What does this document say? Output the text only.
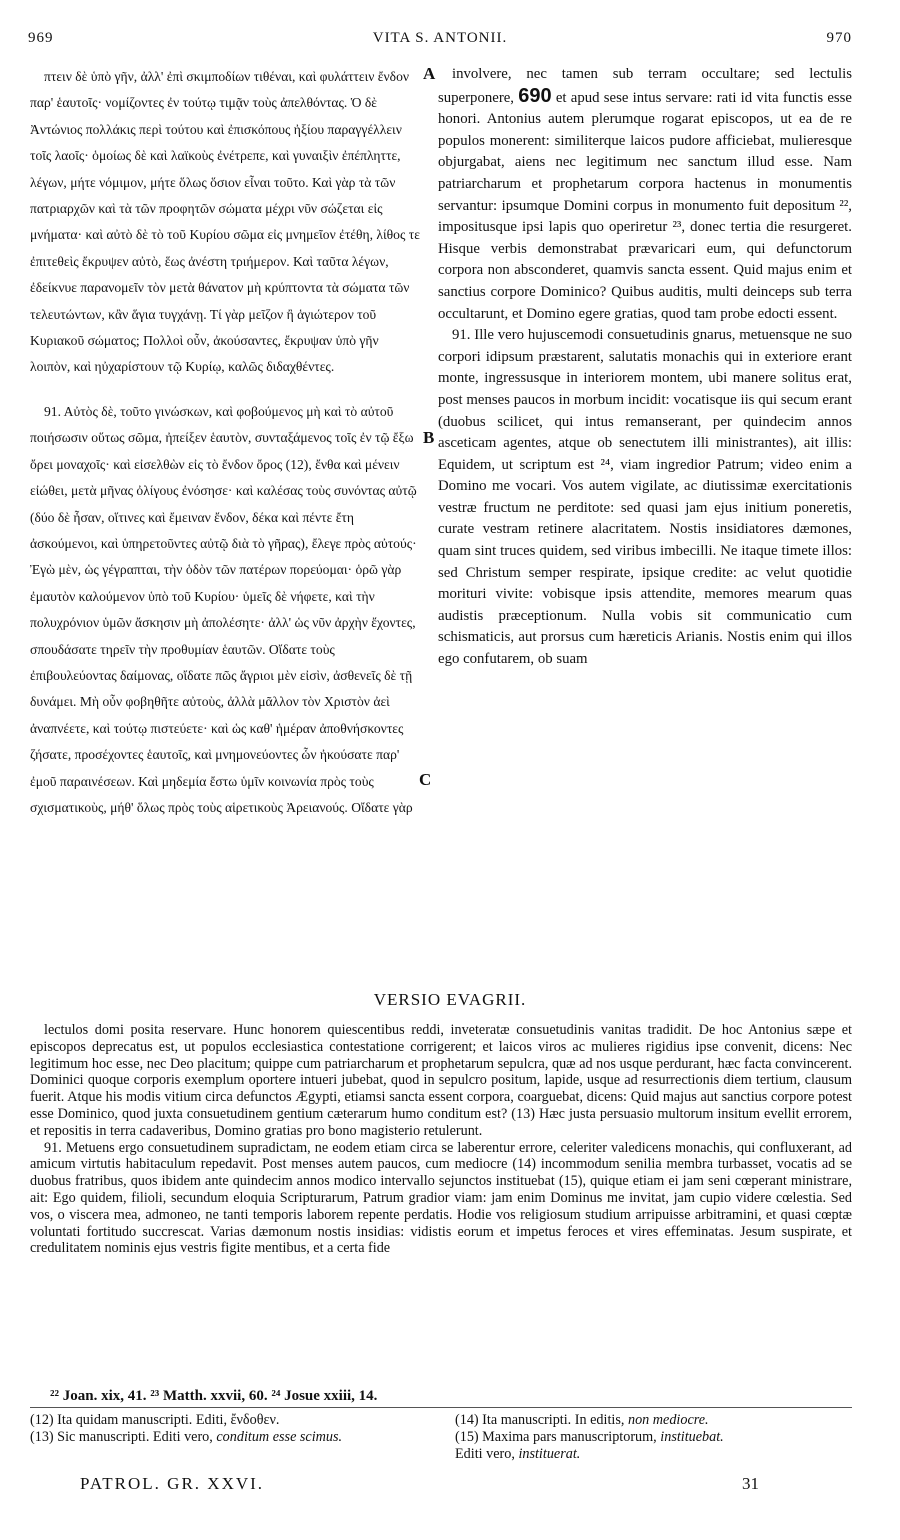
969	VITA S. ANTONII.	970

πτειν δὲ ὑπὸ γῆν, ἀλλ' ἐπὶ σκιμποδίων τιθέναι, καὶ φυλάττειν ἔνδον παρ' ἑαυτοῖς· νομίζοντες ἐν τούτῳ τιμᾷν τοὺς ἀπελθόντας. Ὁ δὲ Ἀντώνιος πολλάκις περὶ τούτου καὶ ἐπισκόπους ἠξίου παραγγέλλειν τοῖς λαοῖς· ὁμοίως δὲ καὶ λαϊκοὺς ἐνέτρεπε, καὶ γυναιξὶν ἐπέπληττε, λέγων, μήτε νόμιμον, μήτε ὅλως ὅσιον εἶναι τοῦτο. Καὶ γὰρ τὰ τῶν πατριαρχῶν καὶ τὰ τῶν προφητῶν σώματα μέχρι νῦν σώζεται εἰς μνήματα· καὶ αὐτὸ δὲ τὸ τοῦ Κυρίου σῶμα εἰς μνημεῖον ἐτέθη, λίθος τε ἐπιτεθεὶς ἔκρυψεν αὐτὸ, ἕως ἀνέστη τριήμερον. Καὶ ταῦτα λέγων, ἐδείκνυε παρανομεῖν τὸν μετὰ θάνατον μὴ κρύπτοντα τὰ σώματα τῶν τελευτώντων, κἂν ἅγια τυγχάνῃ. Τί γὰρ μεῖζον ἢ ἁγιώτερον τοῦ Κυριακοῦ σώματος; Πολλοὶ οὖν, ἀκούσαντες, ἔκρυψαν ὑπὸ γῆν λοιπὸν, καὶ ηὐχαρίστουν τῷ Κυρίῳ, καλῶς διδαχθέντες.

91. Αὐτὸς δὲ, τοῦτο γινώσκων, καὶ φοβούμενος μὴ καὶ τὸ αὐτοῦ ποιήσωσιν οὕτως σῶμα, ἠπείξεν ἑαυτὸν, συνταξάμενος τοῖς ἐν τῷ ἔξω ὄρει μοναχοῖς· καὶ εἰσελθὼν εἰς τὸ ἔνδον ὄρος (12), ἔνθα καὶ μένειν εἰώθει, μετὰ μῆνας ὀλίγους ἐνόσησε· καὶ καλέσας τοὺς συνόντας αὐτῷ (δύο δὲ ἦσαν, οἵτινες καὶ ἔμειναν ἔνδον, δέκα καὶ πέντε ἔτη ἀσκούμενοι, καὶ ὑπηρετοῦντες αὐτῷ διὰ τὸ γῆρας), ἔλεγε πρὸς αὐτούς· Ἐγὼ μὲν, ὡς γέγραπται, τὴν ὁδὸν τῶν πατέρων πορεύομαι· ὁρῶ γὰρ ἐμαυτὸν καλούμενον ὑπὸ τοῦ Κυρίου· ὑμεῖς δὲ νήφετε, καὶ τὴν πολυχρόνιον ὑμῶν ἄσκησιν μὴ ἀπολέσητε· ἀλλ' ὡς νῦν ἀρχὴν ἔχοντες, σπουδάσατε τηρεῖν τὴν προθυμίαν ἑαυτῶν. Οἴδατε τοὺς ἐπιβουλεύοντας δαίμονας, οἴδατε πῶς ἄγριοι μὲν εἰσὶν, ἀσθενεῖς δὲ τῇ δυνάμει. Μὴ οὖν φοβηθῆτε αὐτοὺς, ἀλλὰ μᾶλλον τὸν Χριστὸν ἀεὶ ἀναπνέετε, καὶ τούτῳ πιστεύετε· καὶ ὡς καθ' ἡμέραν ἀποθνήσκοντες ζήσατε, προσέχοντες ἑαυτοῖς, καὶ μνημονεύοντες ὧν ἠκούσατε παρ' ἐμοῦ παραινέσεων. Καὶ μηδεμία ἔστω ὑμῖν κοινωνία πρὸς τοὺς σχισματικοὺς, μήθ' ὅλως πρὸς τοὺς αἱρετικοὺς Ἀρειανούς. Οἴδατε γὰρ

A
B
C

involvere, nec tamen sub terram occultare; sed lectulis superponere, 690 et apud sese intus servare: rati id vita functis esse honori. Antonius autem plerumque rogarat episcopos, ut ea de re populos monerent: similiterque laicos pudore afficiebat, mulieresque objurgabat, aiens nec legitimum nec sanctum illud esse. Nam patriarcharum et prophetarum corpora hactenus in monumentis servantur: ipsumque Domini corpus in monumento fuit depositum ²², impositusque ipsi lapis quo operiretur ²³, donec tertia die resurgeret. Hisque verbis demonstrabat prævaricari eum, qui defunctorum corpora non absconderet, quamvis sancta essent. Quid majus enim et sanctius corpore Dominico? Quibus auditis, multi deinceps sub terra occultarunt, et Domino egere gratias, quod tam probe edocti essent.

91. Ille vero hujuscemodi consuetudinis gnarus, metuensque ne suo corpori idipsum præstarent, salutatis monachis qui in exteriore erant monte, ingressusque in interiorem montem, ubi manere solitus erat, post menses paucos in morbum incidit: vocatisque iis qui secum erant (duobus scilicet, qui intus remanserant, per quindecim annos asceticam agentes, atque ob senectutem illi ministrantes), ait illis: Equidem, ut scriptum est ²⁴, viam ingredior Patrum; video enim a Domino me vocari. Vos autem vigilate, ac diutissimæ exercitationis vestræ fructum ne perditote: sed quasi jam ejus initium poneretis, curate vestram retinere alacritatem. Nostis insidiatores dæmones, quam sint truces quidem, sed viribus imbecilli. Ne itaque timete illos: sed Christum semper respirate, ipsique credite: ac velut quotidie morituri vivite: vobisque ipsis attendite, memores mearum quas audistis præceptionum. Nulla vobis sit communicatio cum schismaticis, aut prorsus cum hæreticis Arianis. Nostis enim qui illos ego confutarem, ob suam

VERSIO EVAGRII.

lectulos domi posita reservare. Hunc honorem quiescentibus reddi, inveteratæ consuetudinis vanitas tradidit. De hoc Antonius sæpe et episcopos deprecatus est, ut populos ecclesiastica contestatione corrigerent; et laicos viros ac mulieres rigidius ipse convenit, dicens: Nec legitimum hoc esse, nec Deo placitum; quippe cum patriarcharum et prophetarum sepulcra, quæ ad nos usque perdurant, hæc facta convincerent. Dominici quoque corporis exemplum oportere intueri jubebat, quod in sepulcro positum, lapide, usque ad resurrectionis diem tertium, clausum fuerit. Atque his modis vitium circa defunctos Ægypti, etiamsi sancta essent corpora, coarguebat, dicens: Quid majus aut sanctius corpore potest esse Dominico, quod juxta consuetudinem gentium cæterarum humo conditum est? (13) Hæc justa persuasio multorum insitum evellit errorem, et repositis in terra cadaveribus, Domino gratias pro bono magisterio retulerunt.

91. Metuens ergo consuetudinem supradictam, ne eodem etiam circa se laberentur errore, celeriter valedicens monachis, qui confluxerant, ad amicum virtutis habitaculum repedavit. Post menses autem paucos, cum mediocre (14) incommodum senilia membra turbasset, vocatis ad se duobus fratribus, quos ibidem ante quindecim annos modico intervallo sejunctos instituebat (15), quique etiam ei jam seni cœperant ministrare, ait: Ego quidem, filioli, secundum eloquia Scripturarum, Patrum gradior viam: jam enim Dominus me invitat, jam cupio videre cœlestia. Sed vos, o viscera mea, admoneo, ne tanti temporis laborem repente perdatis. Hodie vos religiosum studium arripuisse arbitramini, et quasi cœptæ voluntati fortitudo succrescat. Varias dæmonum nostis insidias: vidistis eorum et impetus feroces et vires effeminatas. Jesum suspirate, et credulitatem nominis ejus vestris figite mentibus, et a certa fide

²² Joan. xix, 41. ²³ Matth. xxvii, 60. ²⁴ Josue xxiii, 14.

(12) Ita quidam manuscripti. Editi, ἔνδοθεν.

(13) Sic manuscripti. Editi vero, conditum esse scimus.

(14) Ita manuscripti. In editis, non mediocre.

(15) Maxima pars manuscriptorum, instituebat.
Editi vero, instituerat.

PATROL. GR. XXVI.	31
